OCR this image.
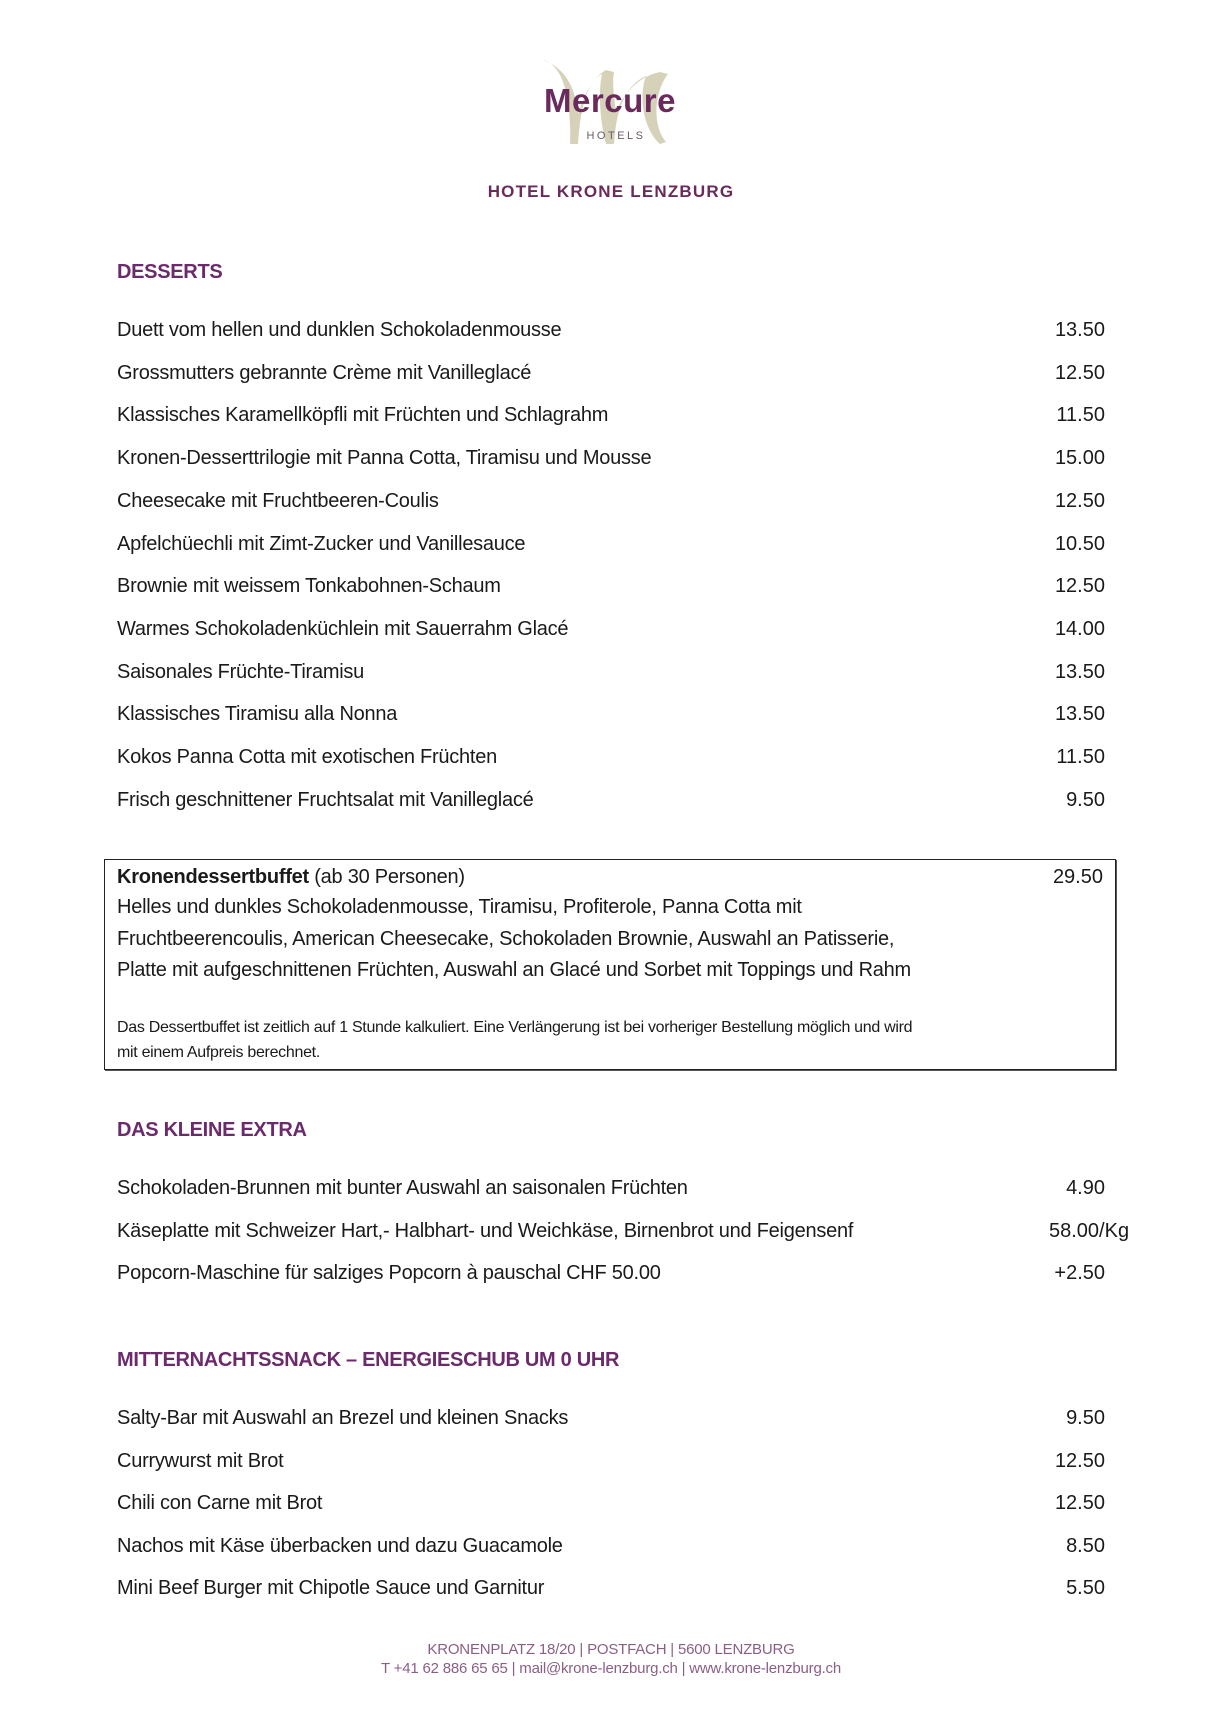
Mercure
HOTELS
HOTEL KRONE LENZBURG
DESSERTS
Duett vom hellen und dunklen Schokoladenmousse	13.50
Grossmutters gebrannte Crème mit Vanilleglacé	12.50
Klassisches Karamellköpfli mit Früchten und Schlagrahm	11.50
Kronen-Desserttrilogie mit Panna Cotta, Tiramisu und Mousse	15.00
Cheesecake mit Fruchtbeeren-Coulis	12.50
Apfelchüechli mit Zimt-Zucker und Vanillesauce	10.50
Brownie mit weissem Tonkabohnen-Schaum	12.50
Warmes Schokoladenküchlein mit Sauerrahm Glacé	14.00
Saisonales Früchte-Tiramisu	13.50
Klassisches Tiramisu alla Nonna	13.50
Kokos Panna Cotta mit exotischen Früchten	11.50
Frisch geschnittener Fruchtsalat mit Vanilleglacé	9.50
Kronendessertbuffet (ab 30 Personen)	29.50
Helles und dunkles Schokoladenmousse, Tiramisu, Profiterole, Panna Cotta mit
Fruchtbeerencoulis, American Cheesecake, Schokoladen Brownie, Auswahl an Patisserie,
Platte mit aufgeschnittenen Früchten, Auswahl an Glacé und Sorbet mit Toppings und Rahm
Das Dessertbuffet ist zeitlich auf 1 Stunde kalkuliert. Eine Verlängerung ist bei vorheriger Bestellung möglich und wird
mit einem Aufpreis berechnet.
DAS KLEINE EXTRA
Schokoladen-Brunnen mit bunter Auswahl an saisonalen Früchten	4.90
Käseplatte mit Schweizer Hart,- Halbhart- und Weichkäse, Birnenbrot und Feigensenf	58.00/Kg
Popcorn-Maschine für salziges Popcorn à pauschal CHF 50.00	+2.50
MITTERNACHTSSNACK – ENERGIESCHUB UM 0 UHR
Salty-Bar mit Auswahl an Brezel und kleinen Snacks	9.50
Currywurst mit Brot	12.50
Chili con Carne mit Brot	12.50
Nachos mit Käse überbacken und dazu Guacamole	8.50
Mini Beef Burger mit Chipotle Sauce und Garnitur	5.50
KRONENPLATZ 18/20 | POSTFACH | 5600 LENZBURG
T +41 62 886 65 65 | mail@krone-lenzburg.ch | www.krone-lenzburg.ch
